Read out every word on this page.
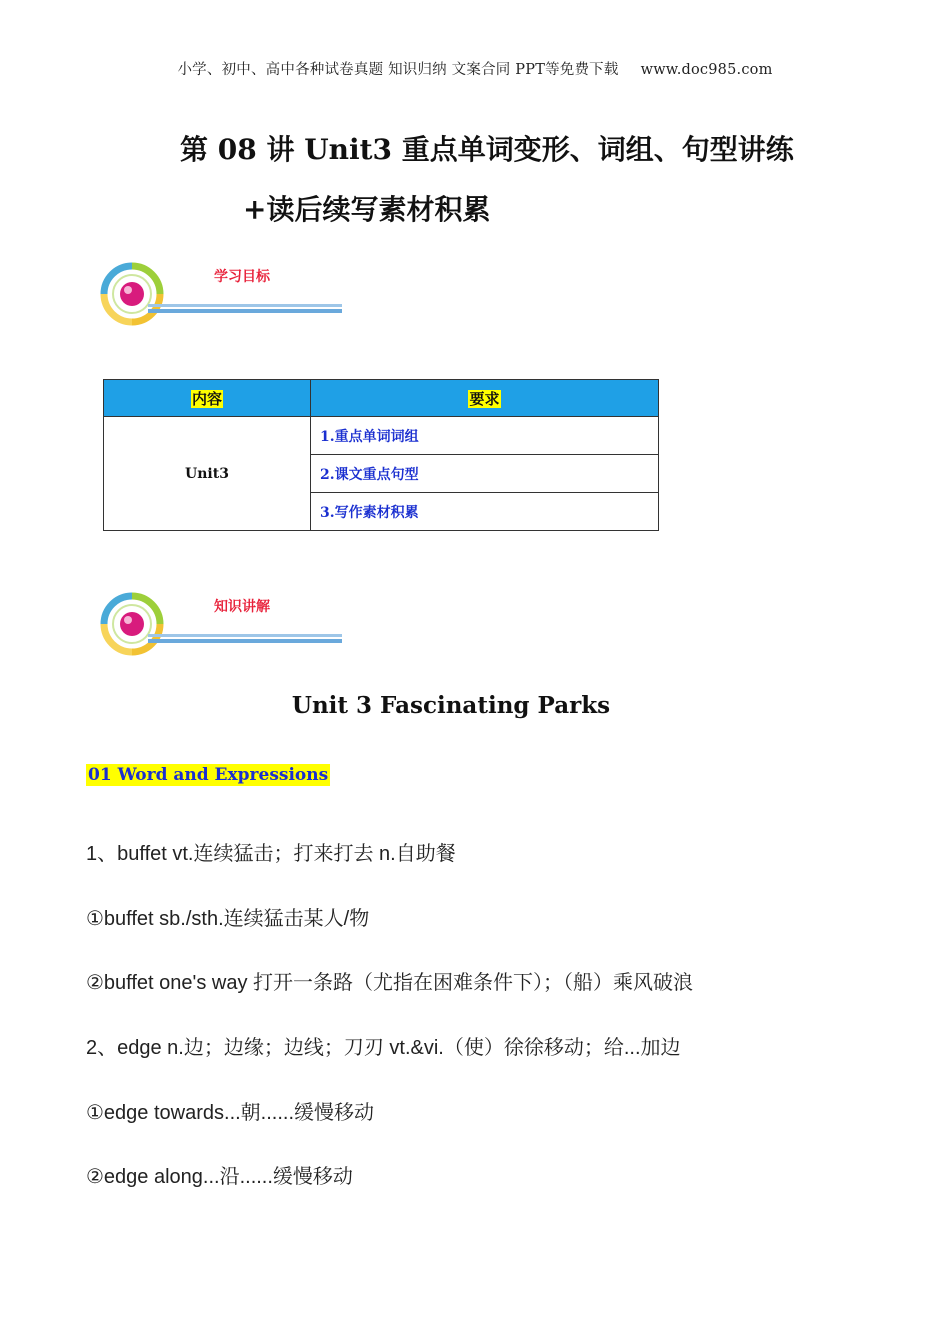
小学、初中、高中各种试卷真题 知识归纳 文案合同 PPT等免费下载 www.doc985.com
第 08 讲 Unit3 重点单词变形、词组、句型讲练
+读后续写素材积累
学习目标
内容	要求
Unit3	1.重点单词词组
	2.课文重点句型
	3.写作素材积累
知识讲解
Unit 3 Fascinating Parks
01 Word and Expressions
1、buffet vt.连续猛击；打来打去 n.自助餐
①buffet sb./sth.连续猛击某人/物
②buffet one's way 打开一条路（尤指在困难条件下）；（船）乘风破浪
2、edge n.边；边缘；边线；刀刃 vt.&vi.（使）徐徐移动；给...加边
①edge towards...朝......缓慢移动
②edge along...沿......缓慢移动
